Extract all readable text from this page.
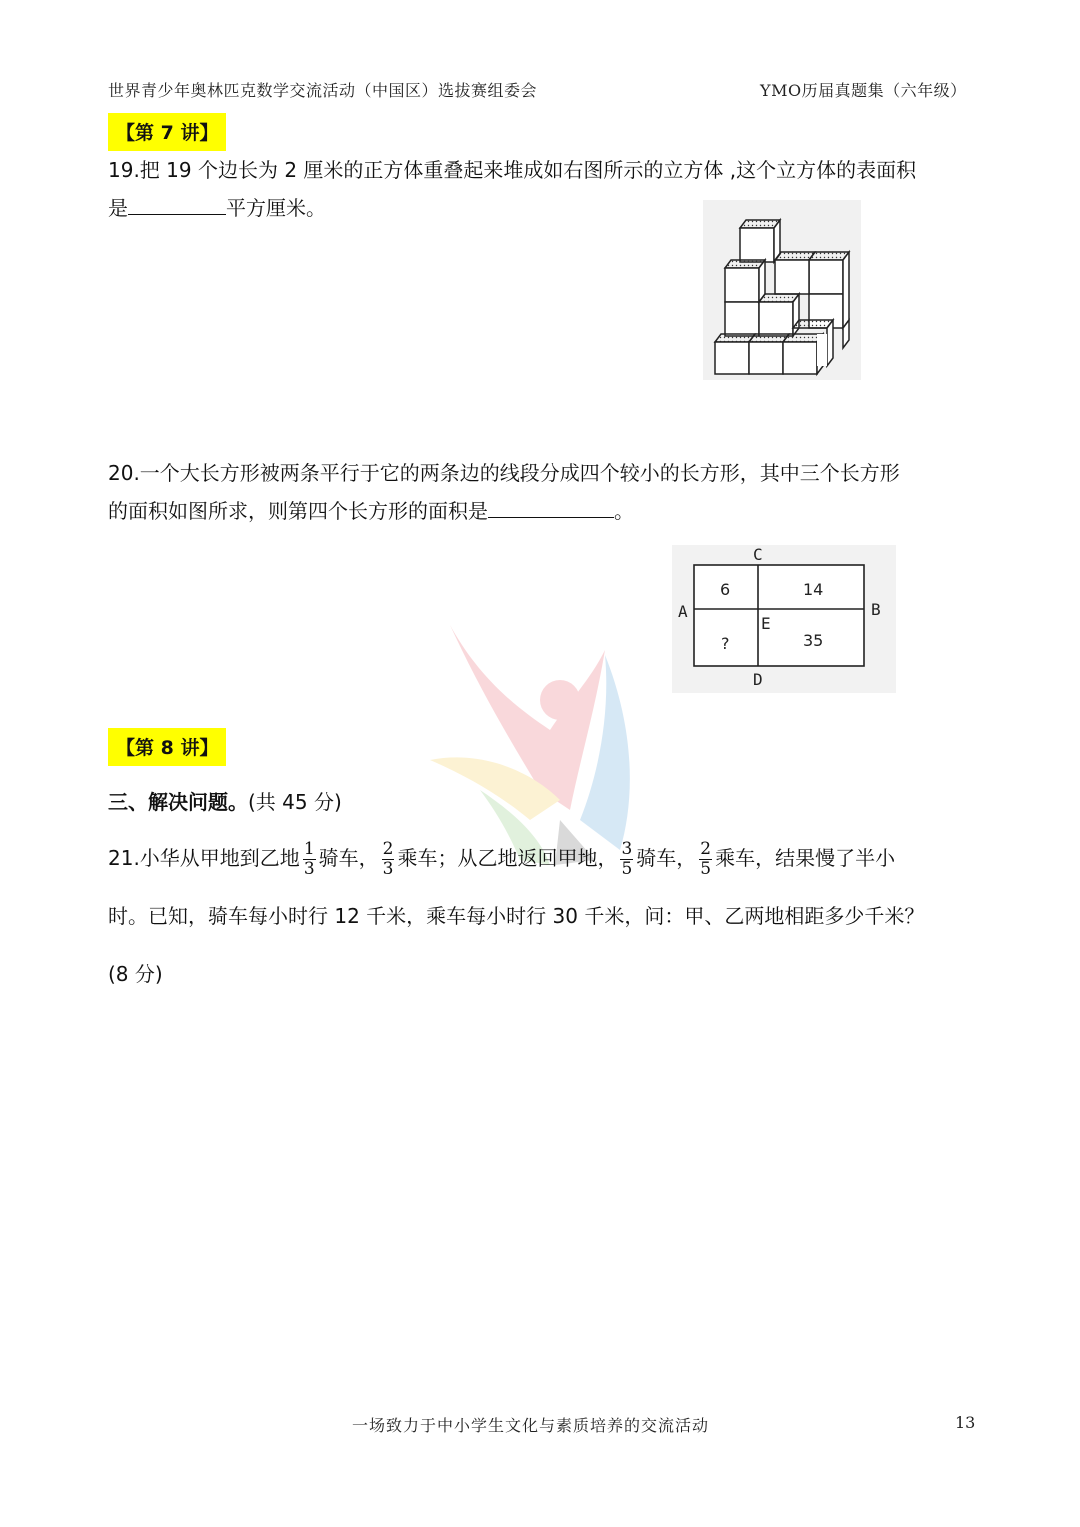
世界青少年奥林匹克数学交流活动（中国区）选拔赛组委会	YMO历届真题集（六年级）
【第 7 讲】
19.把 19 个边长为 2 厘米的正方体重叠起来堆成如右图所示的立方体 ,这个立方体的表面积
是	平方厘米。
20.一个大长方形被两条平行于它的两条边的线段分成四个较小的长方形，其中三个长方形
的面积如图所求，则第四个长方形的面积是	。
C
D
A	B
E
6	14
?	35
【第 8 讲】
三、解决问题。(共 45 分)
21.小华从甲地到乙地 $\frac{1}{3}$ 骑车， $\frac{2}{3}$ 乘车；从乙地返回甲地， $\frac{3}{5}$ 骑车， $\frac{2}{5}$ 乘车，结果慢了半小
时。已知，骑车每小时行 12 千米，乘车每小时行 30 千米，问：甲、乙两地相距多少千米？
(8 分)
一场致力于中小学生文化与素质培养的交流活动	13
